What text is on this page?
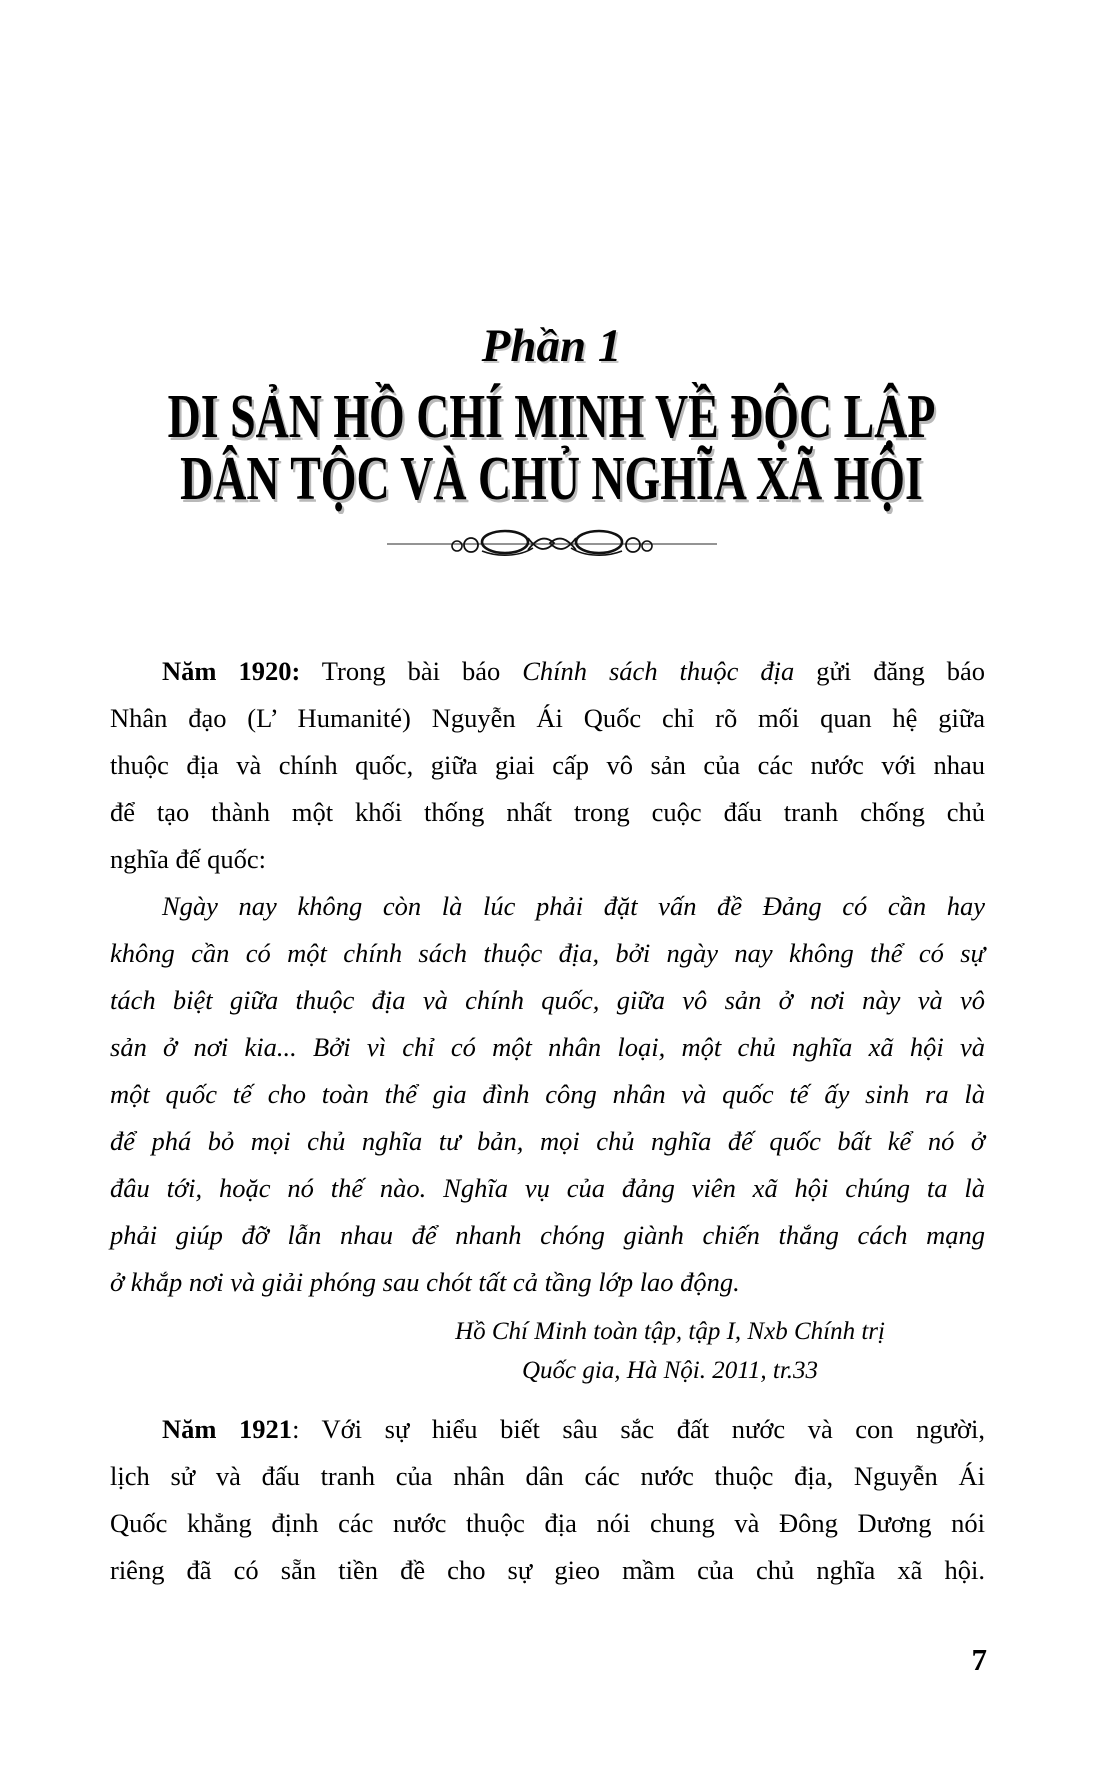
Phần 1
DI SẢN HỒ CHÍ MINH VỀ ĐỘC LẬP
DÂN TỘC VÀ CHỦ NGHĨA XÃ HỘI
Năm 1920: Trong bài báo Chính sách thuộc địa gửi đăng báo
Nhân đạo (L’ Humanité) Nguyễn Ái Quốc chỉ rõ mối quan hệ giữa
thuộc địa và chính quốc, giữa giai cấp vô sản của các nước với nhau
để tạo thành một khối thống nhất trong cuộc đấu tranh chống chủ
nghĩa đế quốc:
Ngày nay không còn là lúc phải đặt vấn đề Đảng có cần hay
không cần có một chính sách thuộc địa, bởi ngày nay không thể có sự
tách biệt giữa thuộc địa và chính quốc, giữa vô sản ở nơi này và vô
sản ở nơi kia... Bởi vì chỉ có một nhân loại, một chủ nghĩa xã hội và
một quốc tế cho toàn thể gia đình công nhân và quốc tế ấy sinh ra là
để phá bỏ mọi chủ nghĩa tư bản, mọi chủ nghĩa đế quốc bất kể nó ở
đâu tới, hoặc nó thế nào. Nghĩa vụ của đảng viên xã hội chúng ta là
phải giúp đỡ lẫn nhau để nhanh chóng giành chiến thắng cách mạng
ở khắp nơi và giải phóng sau chót tất cả tầng lớp lao động.
Hồ Chí Minh toàn tập, tập I, Nxb Chính trị
Quốc gia, Hà Nội. 2011, tr.33
Năm 1921: Với sự hiểu biết sâu sắc đất nước và con người,
lịch sử và đấu tranh của nhân dân các nước thuộc địa, Nguyễn Ái
Quốc khẳng định các nước thuộc địa nói chung và Đông Dương nói
riêng đã có sẵn tiền đề cho sự gieo mầm của chủ nghĩa xã hội.
7
